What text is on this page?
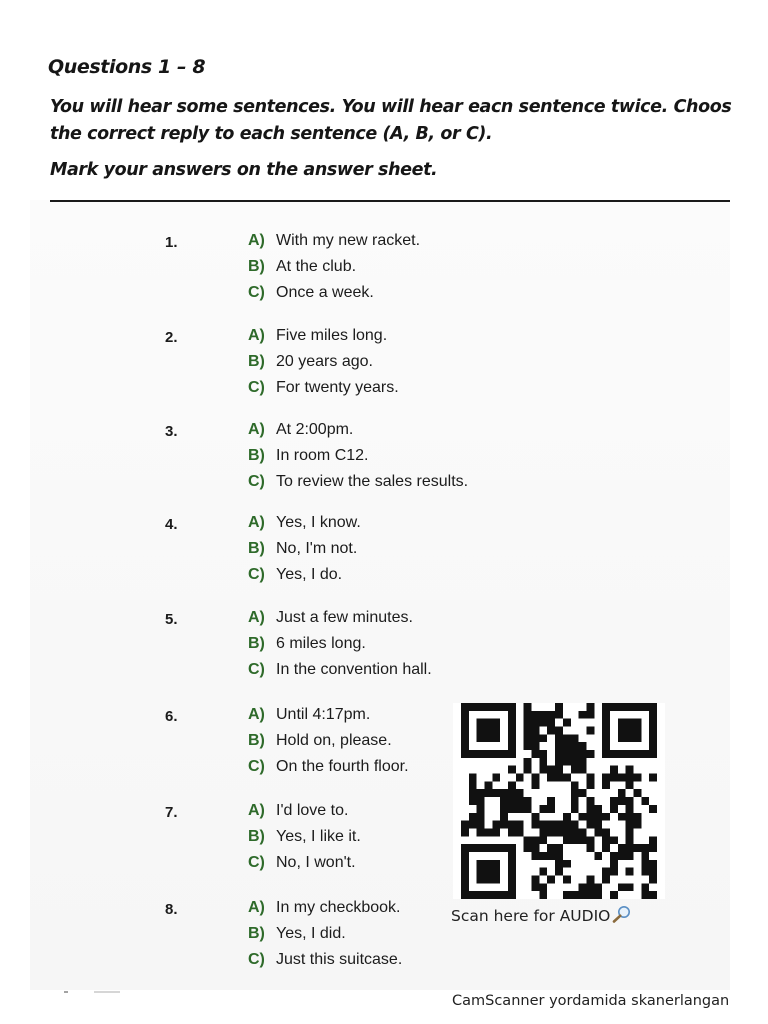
Questions 1 – 8
You will hear some sentences. You will hear eacn sentence twice. Choos
the correct reply to each sentence (A, B, or C).
Mark your answers on the answer sheet.
1.	A) With my new racket.
B) At the club.
C) Once a week.
2.	A) Five miles long.
B) 20 years ago.
C) For twenty years.
3.	A) At 2:00pm.
B) In room C12.
C) To review the sales results.
4.	A) Yes, I know.
B) No, I'm not.
C) Yes, I do.
5.	A) Just a few minutes.
B) 6 miles long.
C) In the convention hall.
6.	A) Until 4:17pm.
B) Hold on, please.
C) On the fourth floor.
7.	A) I'd love to.
B) Yes, I like it.
C) No, I won't.
8.	A) In my checkbook.
B) Yes, I did.
C) Just this suitcase.
Scan here for AUDIO
CamScanner yordamida skanerlangan
